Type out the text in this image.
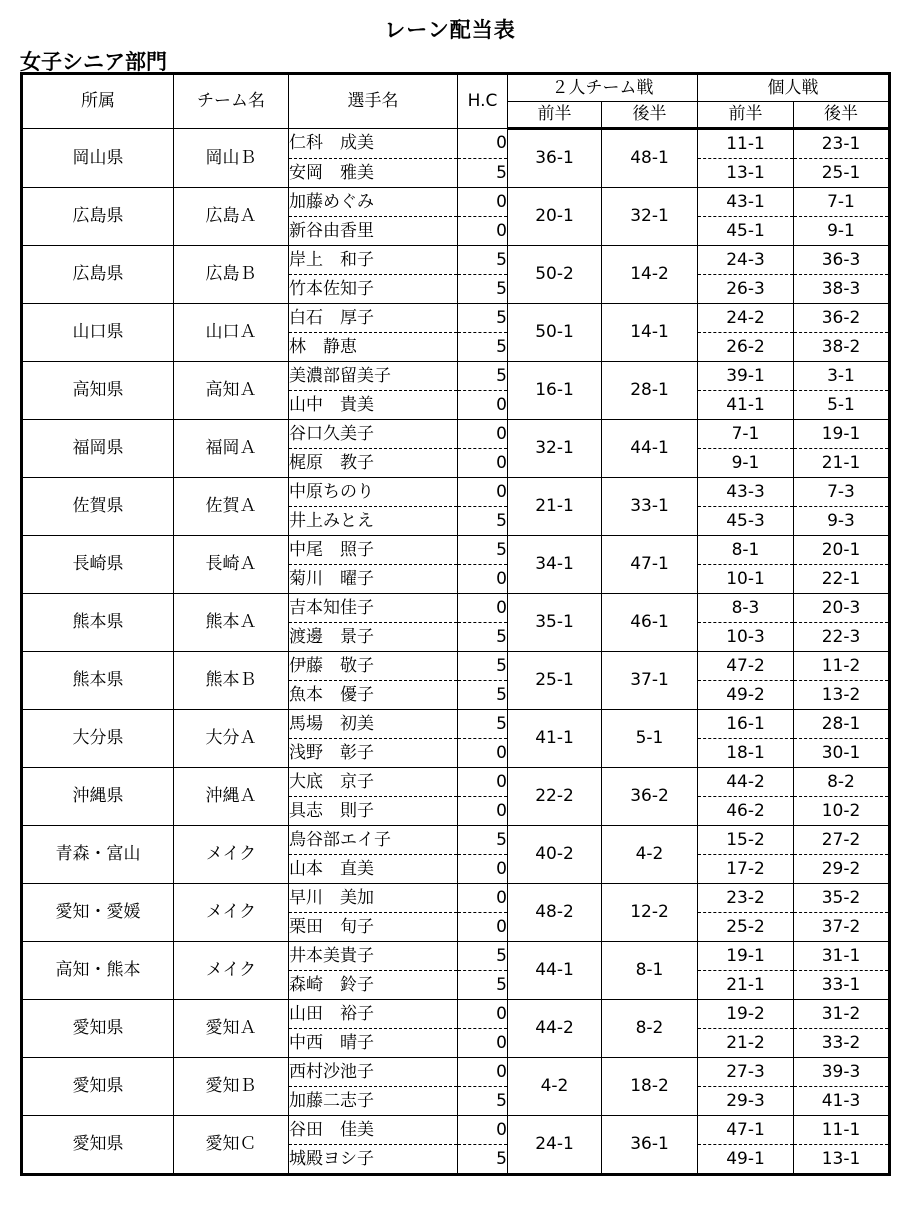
レーン配当表
女子シニア部門
所属	チーム名	選手名	H.C	２人チーム戦		個人戦	
				前半	後半	前半	後半
岡山県	岡山Ｂ	仁科　成美	0	36-1	48-1	11-1	23-1
		安岡　雅美	5			13-1	25-1
広島県	広島Ａ	加藤めぐみ	0	20-1	32-1	43-1	7-1
		新谷由香里	0			45-1	9-1
広島県	広島Ｂ	岸上　和子	5	50-2	14-2	24-3	36-3
		竹本佐知子	5			26-3	38-3
山口県	山口Ａ	白石　厚子	5	50-1	14-1	24-2	36-2
		林　静恵	5			26-2	38-2
高知県	高知Ａ	美濃部留美子	5	16-1	28-1	39-1	3-1
		山中　貴美	0			41-1	5-1
福岡県	福岡Ａ	谷口久美子	0	32-1	44-1	7-1	19-1
		梶原　教子	0			9-1	21-1
佐賀県	佐賀Ａ	中原ちのり	0	21-1	33-1	43-3	7-3
		井上みとえ	5			45-3	9-3
長崎県	長崎Ａ	中尾　照子	5	34-1	47-1	8-1	20-1
		菊川　曜子	0			10-1	22-1
熊本県	熊本Ａ	吉本知佳子	0	35-1	46-1	8-3	20-3
		渡邊　景子	5			10-3	22-3
熊本県	熊本Ｂ	伊藤　敬子	5	25-1	37-1	47-2	11-2
		魚本　優子	5			49-2	13-2
大分県	大分Ａ	馬場　初美	5	41-1	5-1	16-1	28-1
		浅野　彰子	0			18-1	30-1
沖縄県	沖縄Ａ	大底　京子	0	22-2	36-2	44-2	8-2
		具志　則子	0			46-2	10-2
青森・富山	メイク	鳥谷部エイ子	5	40-2	4-2	15-2	27-2
		山本　直美	0			17-2	29-2
愛知・愛媛	メイク	早川　美加	0	48-2	12-2	23-2	35-2
		栗田　旬子	0			25-2	37-2
高知・熊本	メイク	井本美貴子	5	44-1	8-1	19-1	31-1
		森崎　鈴子	5			21-1	33-1
愛知県	愛知Ａ	山田　裕子	0	44-2	8-2	19-2	31-2
		中西　晴子	0			21-2	33-2
愛知県	愛知Ｂ	西村沙池子	0	4-2	18-2	27-3	39-3
		加藤二志子	5			29-3	41-3
愛知県	愛知Ｃ	谷田　佳美	0	24-1	36-1	47-1	11-1
		城殿ヨシ子	5			49-1	13-1
